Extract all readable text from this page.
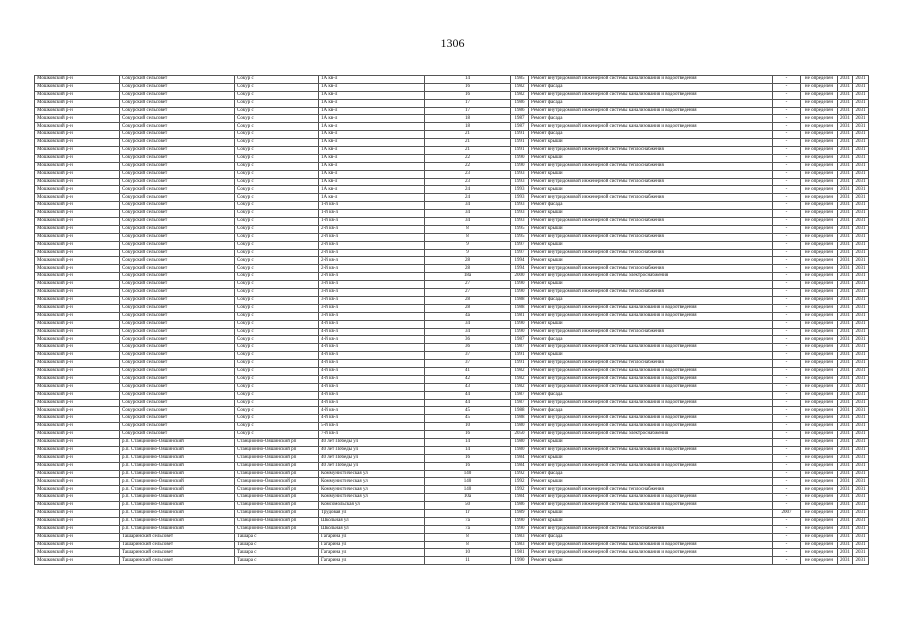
1306
Мошковский р-н	Сокурский сельсовет	Сокур с	1А кв-л	14	1985	Ремонт внутридомовой инженерной системы канализования и водоотведения	-	не определен	2031	2031
Мошковский р-н	Сокурский сельсовет	Сокур с	1А кв-л	16	1982	Ремонт фасада	-	не определен	2031	2031
Мошковский р-н	Сокурский сельсовет	Сокур с	1А кв-л	16	1982	Ремонт внутридомовой инженерной системы канализования и водоотведения	-	не определен	2031	2031
Мошковский р-н	Сокурский сельсовет	Сокур с	1А кв-л	17	1986	Ремонт фасада	-	не определен	2031	2031
Мошковский р-н	Сокурский сельсовет	Сокур с	1А кв-л	17	1986	Ремонт внутридомовой инженерной системы канализования и водоотведения	-	не определен	2031	2031
Мошковский р-н	Сокурский сельсовет	Сокур с	1А кв-л	18	1987	Ремонт фасада	-	не определен	2031	2031
Мошковский р-н	Сокурский сельсовет	Сокур с	1А кв-л	18	1987	Ремонт внутридомовой инженерной системы канализования и водоотведения	-	не определен	2031	2031
Мошковский р-н	Сокурский сельсовет	Сокур с	1А кв-л	21	1991	Ремонт фасада	-	не определен	2031	2031
Мошковский р-н	Сокурский сельсовет	Сокур с	1А кв-л	21	1991	Ремонт крыши	-	не определен	2031	2031
Мошковский р-н	Сокурский сельсовет	Сокур с	1А кв-л	21	1991	Ремонт внутридомовой инженерной системы теплоснабжения	-	не определен	2031	2031
Мошковский р-н	Сокурский сельсовет	Сокур с	1А кв-л	22	1990	Ремонт крыши	-	не определен	2031	2031
Мошковский р-н	Сокурский сельсовет	Сокур с	1А кв-л	22	1990	Ремонт внутридомовой инженерной системы теплоснабжения	-	не определен	2031	2031
Мошковский р-н	Сокурский сельсовет	Сокур с	1А кв-л	23	1993	Ремонт крыши	-	не определен	2031	2031
Мошковский р-н	Сокурский сельсовет	Сокур с	1А кв-л	23	1993	Ремонт внутридомовой инженерной системы теплоснабжения	-	не определен	2031	2031
Мошковский р-н	Сокурский сельсовет	Сокур с	1А кв-л	24	1993	Ремонт крыши	-	не определен	2031	2031
Мошковский р-н	Сокурский сельсовет	Сокур с	1А кв-л	24	1993	Ремонт внутридомовой инженерной системы теплоснабжения	-	не определен	2031	2031
Мошковский р-н	Сокурский сельсовет	Сокур с	1-й кв-л	34	1993	Ремонт фасада	-	не определен	2031	2031
Мошковский р-н	Сокурский сельсовет	Сокур с	1-й кв-л	34	1993	Ремонт крыши	-	не определен	2031	2031
Мошковский р-н	Сокурский сельсовет	Сокур с	1-й кв-л	34	1993	Ремонт внутридомовой инженерной системы теплоснабжения	-	не определен	2031	2031
Мошковский р-н	Сокурский сельсовет	Сокур с	2-й кв-л	8	1995	Ремонт крыши	-	не определен	2031	2031
Мошковский р-н	Сокурский сельсовет	Сокур с	2-й кв-л	8	1995	Ремонт внутридомовой инженерной системы теплоснабжения	-	не определен	2031	2031
Мошковский р-н	Сокурский сельсовет	Сокур с	2-й кв-л	9	1997	Ремонт крыши	-	не определен	2031	2031
Мошковский р-н	Сокурский сельсовет	Сокур с	2-й кв-л	9	1997	Ремонт внутридомовой инженерной системы теплоснабжения	-	не определен	2031	2031
Мошковский р-н	Сокурский сельсовет	Сокур с	2-й кв-л	28	1994	Ремонт крыши	-	не определен	2031	2031
Мошковский р-н	Сокурский сельсовет	Сокур с	2-й кв-л	28	1994	Ремонт внутридомовой инженерной системы теплоснабжения	-	не определен	2031	2031
Мошковский р-н	Сокурский сельсовет	Сокур с	2-й кв-л	18а	2000	Ремонт внутридомовой инженерной системы электроснабжения	-	не определен	2031	2031
Мошковский р-н	Сокурский сельсовет	Сокур с	3-й кв-л	27	1990	Ремонт крыши	-	не определен	2031	2031
Мошковский р-н	Сокурский сельсовет	Сокур с	3-й кв-л	27	1990	Ремонт внутридомовой инженерной системы теплоснабжения	-	не определен	2031	2031
Мошковский р-н	Сокурский сельсовет	Сокур с	3-й кв-л	28	1988	Ремонт фасада	-	не определен	2031	2031
Мошковский р-н	Сокурский сельсовет	Сокур с	3-й кв-л	28	1988	Ремонт внутридомовой инженерной системы канализования и водоотведения	-	не определен	2031	2031
Мошковский р-н	Сокурский сельсовет	Сокур с	3-й кв-л	4а	1981	Ремонт внутридомовой инженерной системы канализования и водоотведения	-	не определен	2031	2031
Мошковский р-н	Сокурский сельсовет	Сокур с	4-й кв-л	34	1990	Ремонт крыши	-	не определен	2031	2031
Мошковский р-н	Сокурский сельсовет	Сокур с	4-й кв-л	34	1990	Ремонт внутридомовой инженерной системы теплоснабжения	-	не определен	2031	2031
Мошковский р-н	Сокурский сельсовет	Сокур с	4-й кв-л	36	1987	Ремонт фасада	-	не определен	2031	2031
Мошковский р-н	Сокурский сельсовет	Сокур с	4-й кв-л	36	1987	Ремонт внутридомовой инженерной системы канализования и водоотведения	-	не определен	2031	2031
Мошковский р-н	Сокурский сельсовет	Сокур с	4-й кв-л	37	1991	Ремонт крыши	-	не определен	2031	2031
Мошковский р-н	Сокурский сельсовет	Сокур с	4-й кв-л	37	1991	Ремонт внутридомовой инженерной системы теплоснабжения	-	не определен	2031	2031
Мошковский р-н	Сокурский сельсовет	Сокур с	4-й кв-л	41	1982	Ремонт внутридомовой инженерной системы канализования и водоотведения	-	не определен	2031	2031
Мошковский р-н	Сокурский сельсовет	Сокур с	4-й кв-л	42	1982	Ремонт внутридомовой инженерной системы канализования и водоотведения	-	не определен	2031	2031
Мошковский р-н	Сокурский сельсовет	Сокур с	4-й кв-л	43	1982	Ремонт внутридомовой инженерной системы канализования и водоотведения	-	не определен	2031	2031
Мошковский р-н	Сокурский сельсовет	Сокур с	4-й кв-л	44	1987	Ремонт фасада	-	не определен	2031	2031
Мошковский р-н	Сокурский сельсовет	Сокур с	4-й кв-л	44	1987	Ремонт внутридомовой инженерной системы канализования и водоотведения	-	не определен	2031	2031
Мошковский р-н	Сокурский сельсовет	Сокур с	4-й кв-л	45	1988	Ремонт фасада	-	не определен	2031	2031
Мошковский р-н	Сокурский сельсовет	Сокур с	4-й кв-л	45	1988	Ремонт внутридомовой инженерной системы канализования и водоотведения	-	не определен	2031	2031
Мошковский р-н	Сокурский сельсовет	Сокур с	5-й кв-л	10	1980	Ремонт внутридомовой инженерной системы канализования и водоотведения	-	не определен	2031	2031
Мошковский р-н	Сокурский сельсовет	Сокур с	7-й кв-л	16	2050	Ремонт внутридомовой инженерной системы электроснабжения	-	не определен	2031	2031
Мошковский р-н	р.п. Станционно-Ояшинский	Станционно-Ояшинский рп	40 лет Победы ул	14	1980	Ремонт крыши	-	не определен	2031	2031
Мошковский р-н	р.п. Станционно-Ояшинский	Станционно-Ояшинский рп	40 лет Победы ул	14	1980	Ремонт внутридомовой инженерной системы канализования и водоотведения	-	не определен	2031	2031
Мошковский р-н	р.п. Станционно-Ояшинский	Станционно-Ояшинский рп	40 лет Победы ул	16	1984	Ремонт крыши	-	не определен	2031	2031
Мошковский р-н	р.п. Станционно-Ояшинский	Станционно-Ояшинский рп	40 лет Победы ул	16	1984	Ремонт внутридомовой инженерной системы канализования и водоотведения	-	не определен	2031	2031
Мошковский р-н	р.п. Станционно-Ояшинский	Станционно-Ояшинский рп	Коммунистическая ул	140	1992	Ремонт фасада	-	не определен	2031	2031
Мошковский р-н	р.п. Станционно-Ояшинский	Станционно-Ояшинский рп	Коммунистическая ул	140	1992	Ремонт крыши	-	не определен	2031	2031
Мошковский р-н	р.п. Станционно-Ояшинский	Станционно-Ояшинский рп	Коммунистическая ул	140	1992	Ремонт внутридомовой инженерной системы теплоснабжения	-	не определен	2031	2031
Мошковский р-н	р.п. Станционно-Ояшинский	Станционно-Ояшинский рп	Коммунистическая ул	10а	1984	Ремонт внутридомовой инженерной системы канализования и водоотведения	-	не определен	2031	2031
Мошковский р-н	р.п. Станционно-Ояшинский	Станционно-Ояшинский рп	Комсомольская ул	50	1986	Ремонт внутридомовой инженерной системы канализования и водоотведения	-	не определен	2031	2031
Мошковский р-н	р.п. Станционно-Ояшинский	Станционно-Ояшинский рп	Трудовая ул	1г	1989	Ремонт крыши	2007	не определен	2031	2031
Мошковский р-н	р.п. Станционно-Ояшинский	Станционно-Ояшинский рп	Школьная ул	7а	1990	Ремонт крыши	-	не определен	2031	2031
Мошковский р-н	р.п. Станционно-Ояшинский	Станционно-Ояшинский рп	Школьная ул	7а	1990	Ремонт внутридомовой инженерной системы теплоснабжения	-	не определен	2031	2031
Мошковский р-н	Ташаринский сельсовет	Ташара с	Гагарина ул	8	1983	Ремонт фасада	-	не определен	2031	2031
Мошковский р-н	Ташаринский сельсовет	Ташара с	Гагарина ул	8	1983	Ремонт внутридомовой инженерной системы канализования и водоотведения	-	не определен	2031	2031
Мошковский р-н	Ташаринский сельсовет	Ташара с	Гагарина ул	10	1981	Ремонт внутридомовой инженерной системы канализования и водоотведения	-	не определен	2031	2031
Мошковский р-н	Ташаринский сельсовет	Ташара с	Гагарина ул	11	1990	Ремонт крыши	-	не определен	2031	2031
